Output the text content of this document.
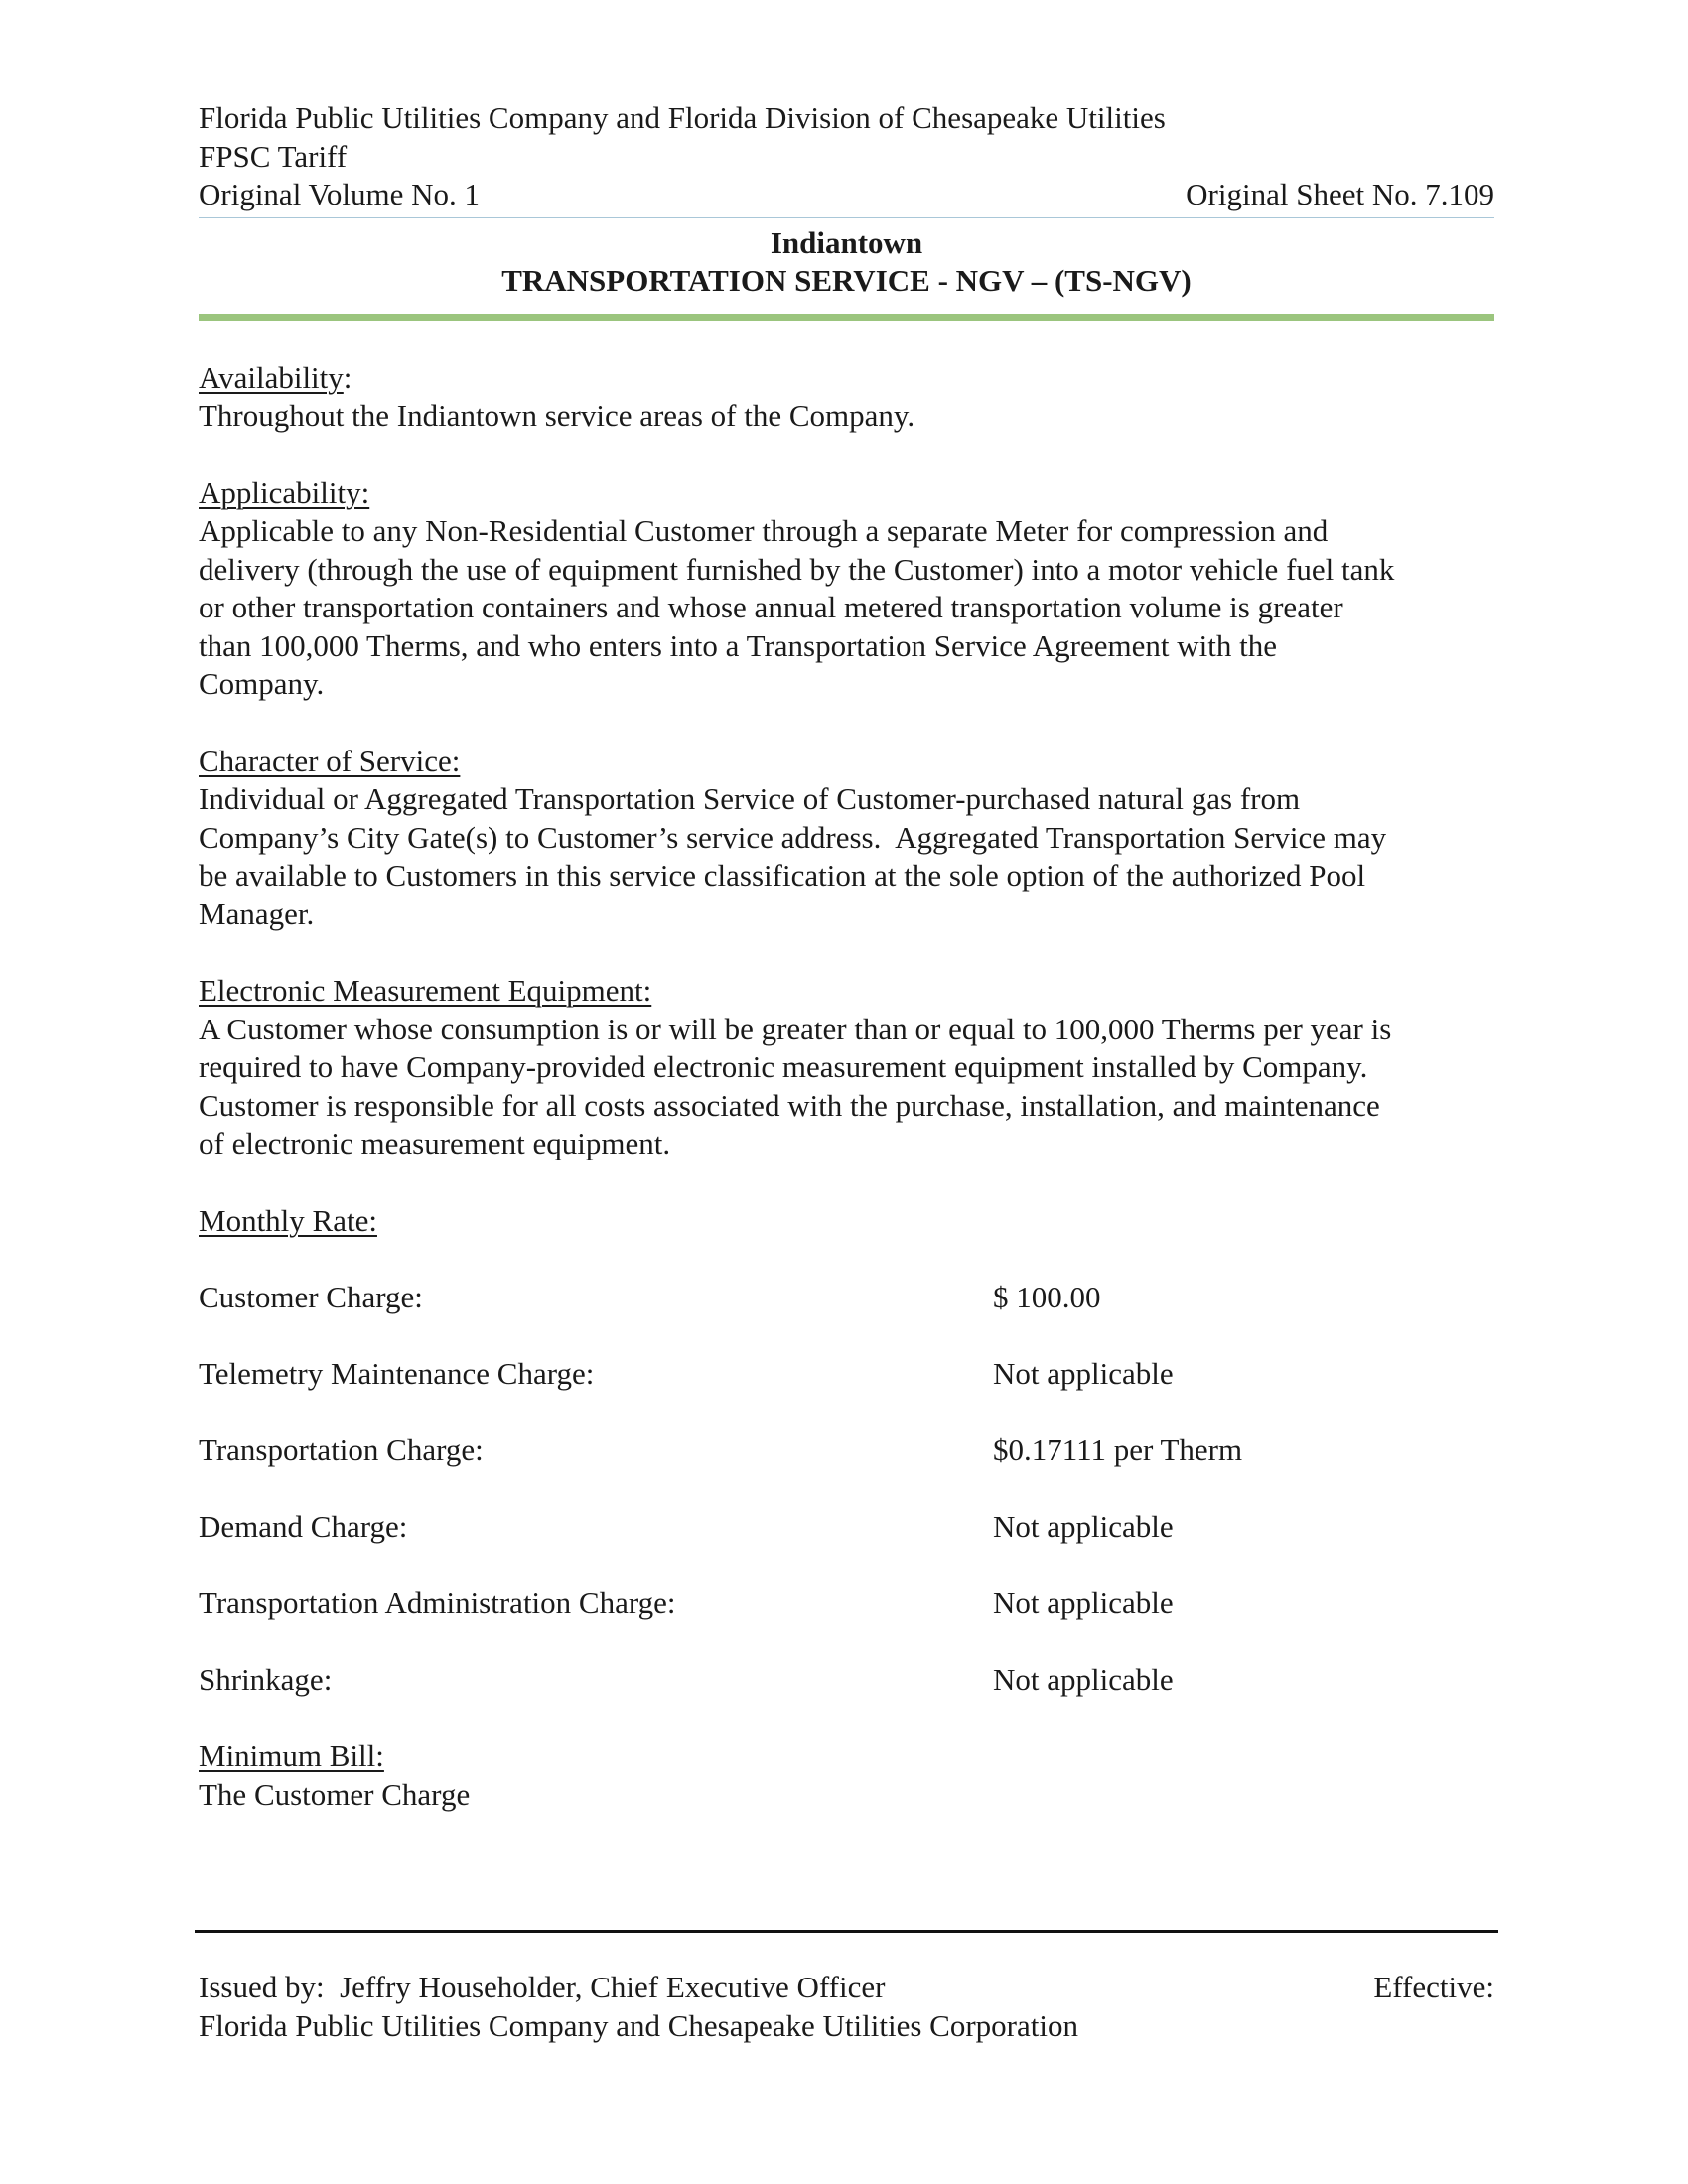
Florida Public Utilities Company and Florida Division of Chesapeake Utilities
FPSC Tariff
Original Volume No. 1	Original Sheet No. 7.109
Indiantown
TRANSPORTATION SERVICE - NGV – (TS-NGV)
Availability:
Throughout the Indiantown service areas of the Company.
Applicability:
Applicable to any Non-Residential Customer through a separate Meter for compression and
delivery (through the use of equipment furnished by the Customer) into a motor vehicle fuel tank
or other transportation containers and whose annual metered transportation volume is greater
than 100,000 Therms, and who enters into a Transportation Service Agreement with the
Company.
Character of Service:
Individual or Aggregated Transportation Service of Customer-purchased natural gas from
Company’s City Gate(s) to Customer’s service address.  Aggregated Transportation Service may
be available to Customers in this service classification at the sole option of the authorized Pool
Manager.
Electronic Measurement Equipment:
A Customer whose consumption is or will be greater than or equal to 100,000 Therms per year is
required to have Company-provided electronic measurement equipment installed by Company.
Customer is responsible for all costs associated with the purchase, installation, and maintenance
of electronic measurement equipment.
Monthly Rate:
Customer Charge:	$ 100.00
Telemetry Maintenance Charge:	Not applicable
Transportation Charge:	$0.17111 per Therm
Demand Charge:	Not applicable
Transportation Administration Charge:	Not applicable
Shrinkage:	Not applicable
Minimum Bill:
The Customer Charge
Issued by:  Jeffry Householder, Chief Executive Officer	Effective:
Florida Public Utilities Company and Chesapeake Utilities Corporation
